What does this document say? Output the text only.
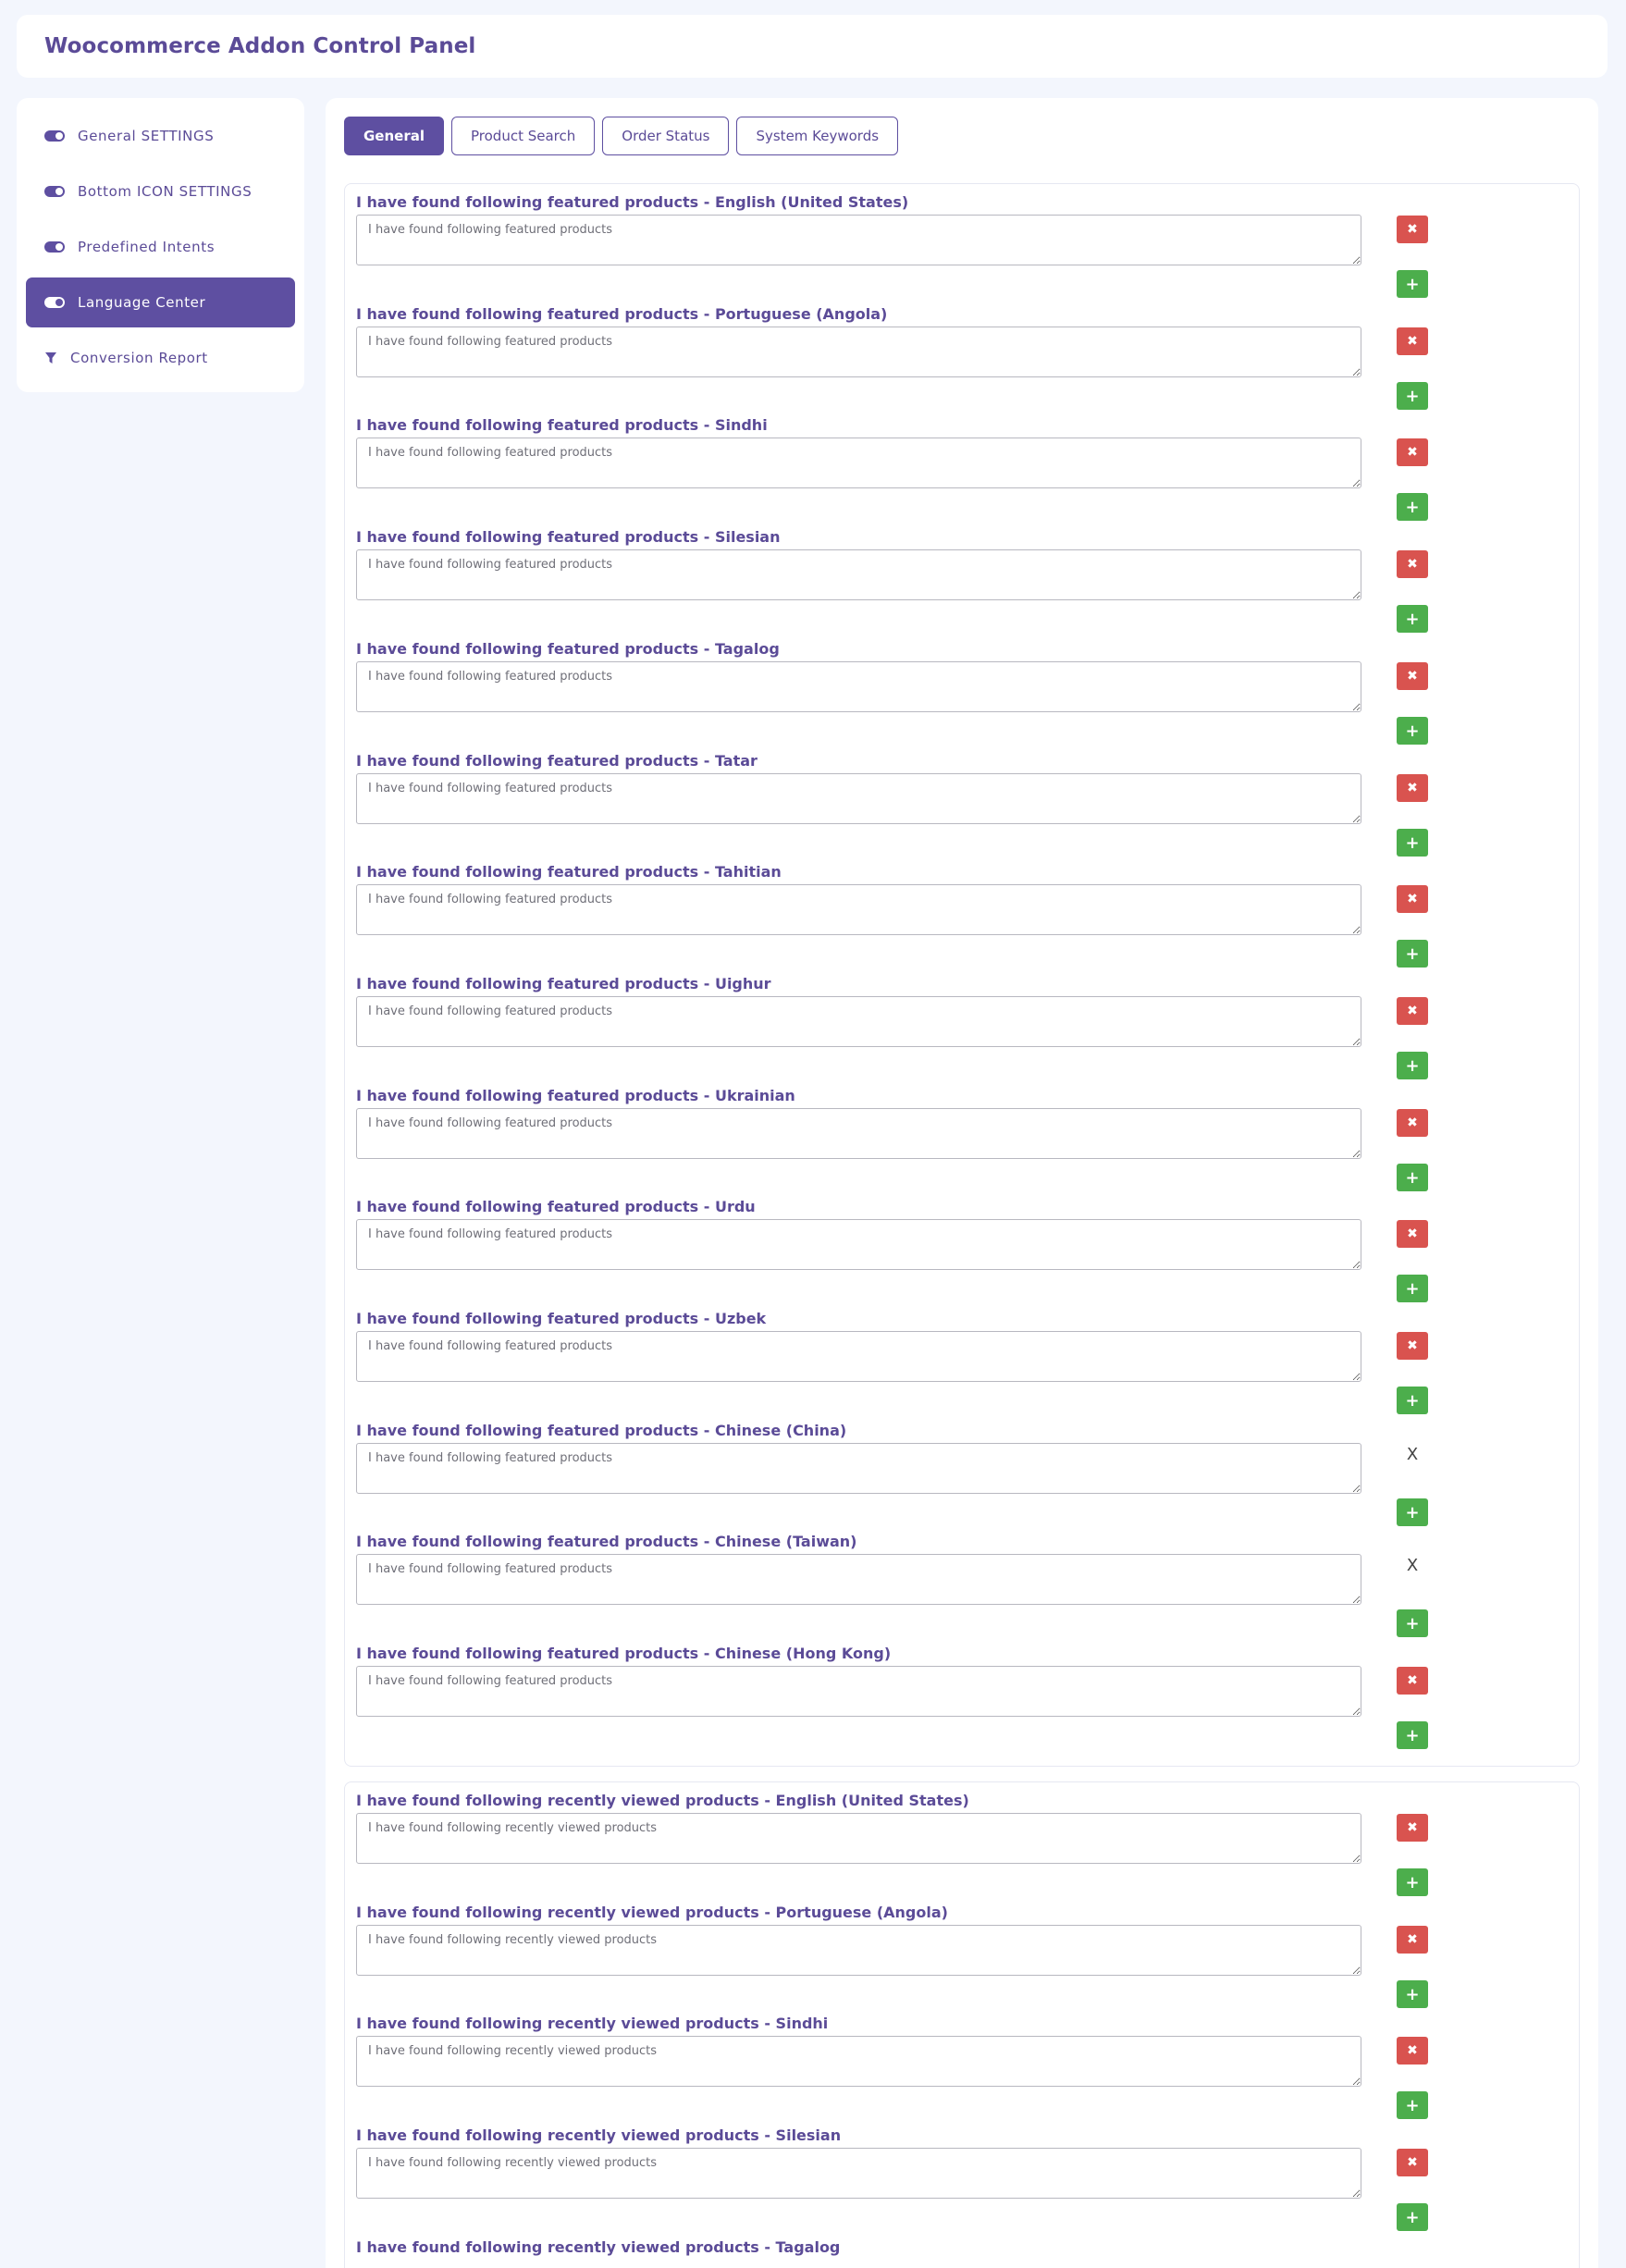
Woocommerce Addon Control Panel
General SETTINGS
Bottom ICON SETTINGS
Predefined Intents
Language Center
Conversion Report
General	Product Search	Order Status	System Keywords
I have found following featured products - English (United States)
I have found following featured products
✖
+
I have found following featured products - Portuguese (Angola)
I have found following featured products
✖
+
I have found following featured products - Sindhi
I have found following featured products
✖
+
I have found following featured products - Silesian
I have found following featured products
✖
+
I have found following featured products - Tagalog
I have found following featured products
✖
+
I have found following featured products - Tatar
I have found following featured products
✖
+
I have found following featured products - Tahitian
I have found following featured products
✖
+
I have found following featured products - Uighur
I have found following featured products
✖
+
I have found following featured products - Ukrainian
I have found following featured products
✖
+
I have found following featured products - Urdu
I have found following featured products
✖
+
I have found following featured products - Uzbek
I have found following featured products
✖
+
I have found following featured products - Chinese (China)
I have found following featured products
X
+
I have found following featured products - Chinese (Taiwan)
I have found following featured products
X
+
I have found following featured products - Chinese (Hong Kong)
I have found following featured products
✖
+
I have found following recently viewed products - English (United States)
I have found following recently viewed products
✖
+
I have found following recently viewed products - Portuguese (Angola)
I have found following recently viewed products
✖
+
I have found following recently viewed products - Sindhi
I have found following recently viewed products
✖
+
I have found following recently viewed products - Silesian
I have found following recently viewed products
✖
+
I have found following recently viewed products - Tagalog
